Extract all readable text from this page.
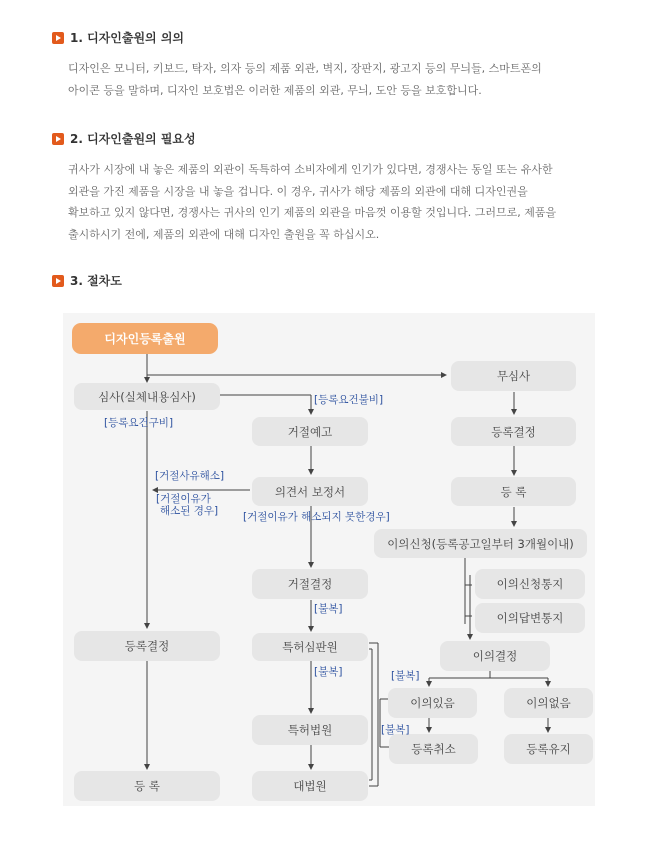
1. 디자인출원의 의의
디자인은 모니터, 키보드, 탁자, 의자 등의 제품 외관, 벽지, 장판지, 광고지 등의 무늬들, 스마트폰의
아이콘 등을 말하며, 디자인 보호법은 이러한 제품의 외관, 무늬, 도안 등을 보호합니다.
2. 디자인출원의 필요성
귀사가 시장에 내 놓은 제품의 외관이 독특하여 소비자에게 인기가 있다면, 경쟁사는 동일 또는 유사한
외관을 가진 제품을 시장을 내 놓을 겁니다. 이 경우, 귀사가 해당 제품의 외관에 대해 디자인권을
확보하고 있지 않다면, 경쟁사는 귀사의 인기 제품의 외관을 마음껏 이용할 것입니다. 그러므로, 제품을
출시하시기 전에, 제품의 외관에 대해 디자인 출원을 꼭 하십시오.
3. 절차도
디자인등록출원
심사(실체내용심사)
무심사
거절예고	등록결정
의견서 보정서	등 록
이의신청(등록공고일부터 3개월이내)
거절결정	이의신청통지
이의답변통지
등록결정	특허심판원
이의결정
이의있음	이의없음
특허법원
등록취소	등록유지
등 록	대법원
[등록요건불비]
[등록요건구비]
[거절사유해소]
[거절이유가
해소된 경우] [거절이유가 해소되지 못한경우]
[불복]
[불복]	[불복]
[불복]
